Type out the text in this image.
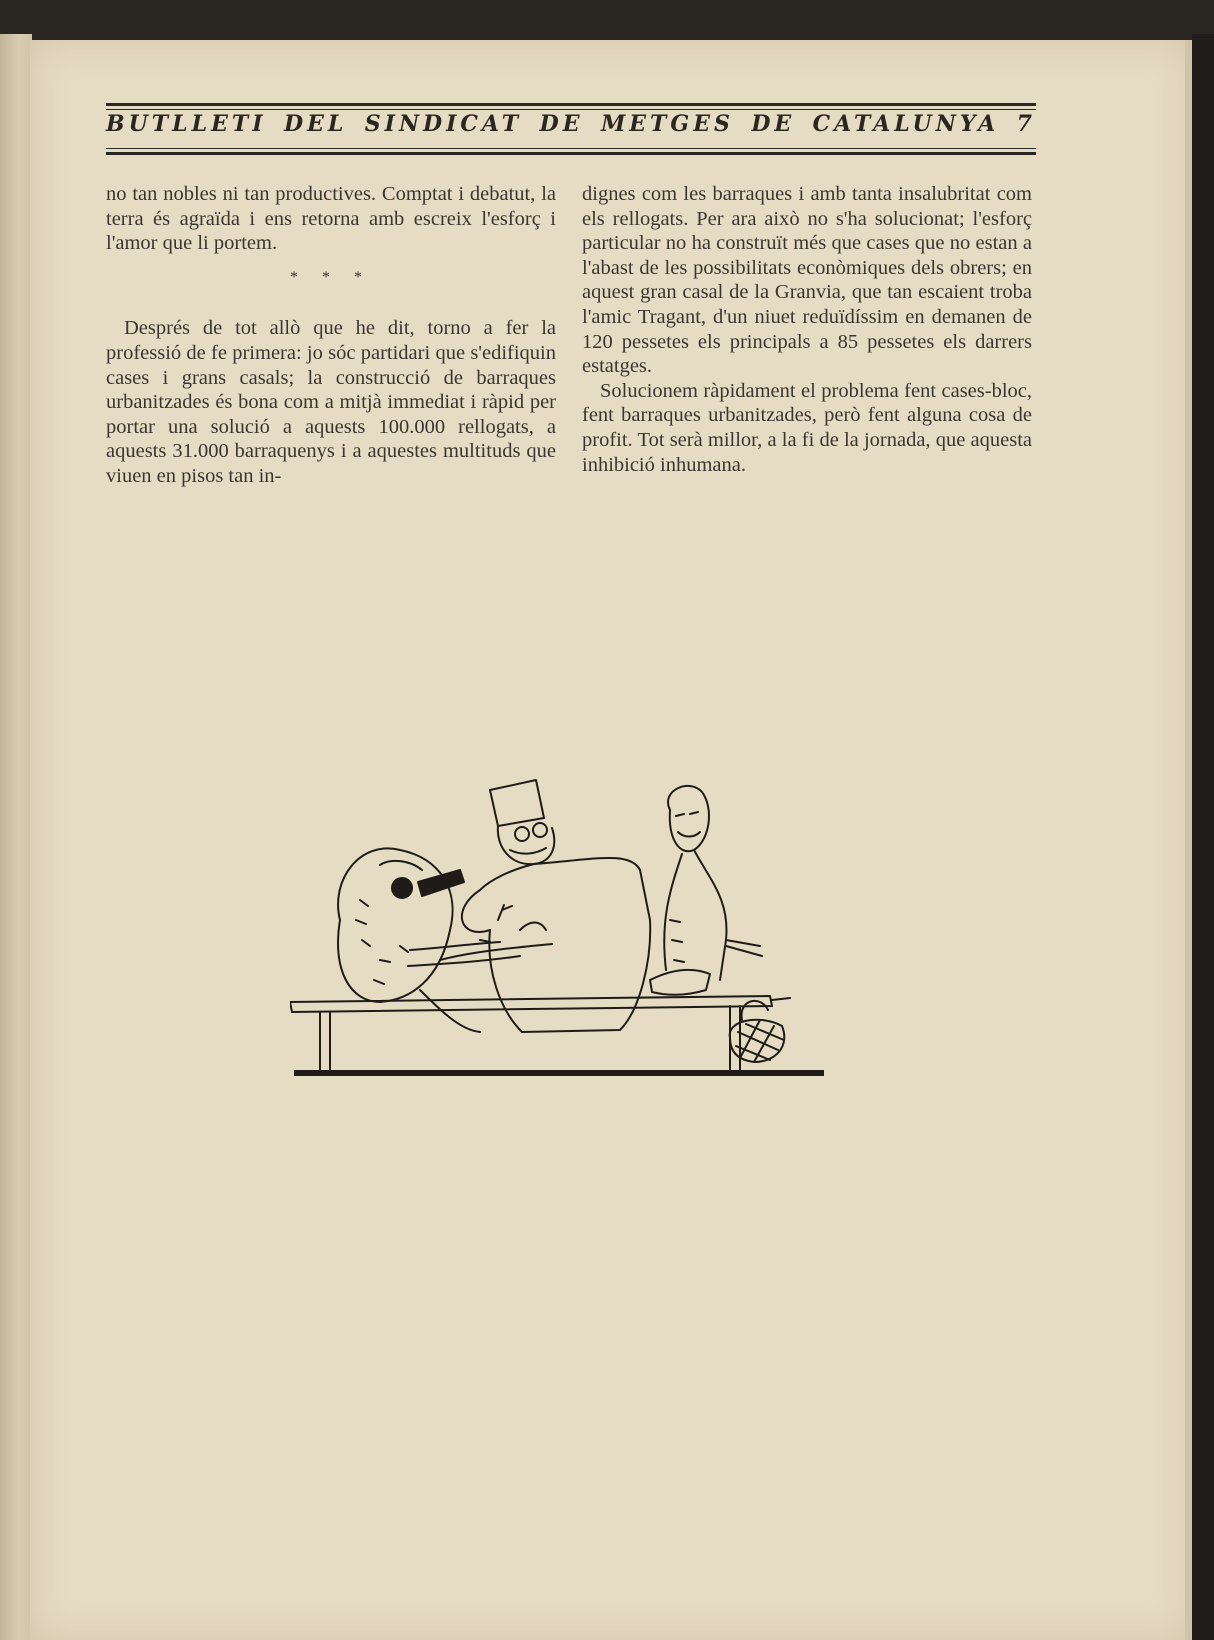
BUTLLETI DEL SINDICAT DE METGES DE CATALUNYA 7

no tan nobles ni tan productives. Comptat i debatut, la terra és agraïda i ens retorna amb escreix l'esforç i l'amor que li portem.

* * *

Després de tot allò que he dit, torno a fer la professió de fe primera: jo sóc partidari que s'edifiquin cases i grans casals; la construcció de barraques urbanitzades és bona com a mitjà immediat i ràpid per portar una solució a aquests 100.000 rellogats, a aquests 31.000 barraquenys i a aquestes multituds que viuen en pisos tan in-

dignes com les barraques i amb tanta insalubritat com els rellogats. Per ara això no s'ha solucionat; l'esforç particular no ha construït més que cases que no estan a l'abast de les possibilitats econòmiques dels obrers; en aquest gran casal de la Granvia, que tan escaient troba l'amic Tragant, d'un niuet reduïdíssim en demanen de 120 pessetes els principals a 85 pessetes els darrers estatges.

Solucionem ràpidament el problema fent cases-bloc, fent barraques urbanitzades, però fent alguna cosa de profit. Tot serà millor, a la fi de la jornada, que aquesta inhibició inhumana.
